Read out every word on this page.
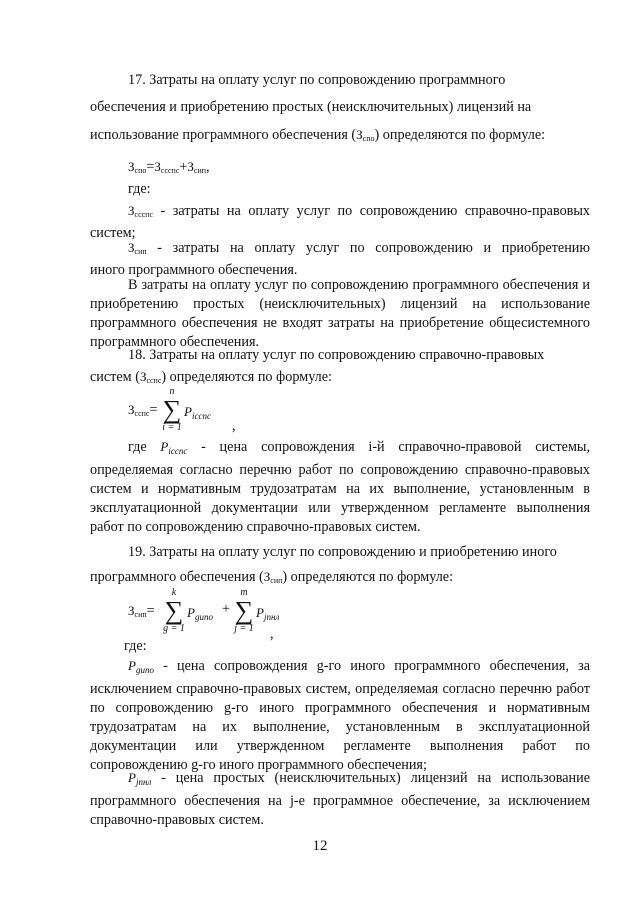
17. Затраты на оплату услуг по сопровождению программного
обеспечения и приобретению простых (неисключительных) лицензий на
использование программного обеспечения $(З_{спо})$ определяются по формуле:
$З_{спо}=З_{ссспс}+З_{сип}$,
где:

$З_{ссспс}$ - затраты на оплату услуг по сопровождению справочно-правовых

систем;

$З_{сип}$ - затраты на оплату услуг по сопровождению и приобретению

иного программного обеспечения.

В затраты на оплату услуг по сопровождению программного обеспечения и приобретению простых (неисключительных) лицензий на использование программного обеспечения не входят затраты на приобретение общесистемного программного обеспечения.
18. Затраты на оплату услуг по сопровождению справочно-правовых
систем $(З_{сспс})$ определяются по формуле:
$З_{сспс}=$
n
∑
i = 1
$P_{iсспс}$
,

где $P_{iсспс}$ - цена сопровождения i-й справочно-правовой системы, определяемая согласно перечню работ по сопровождению справочно-правовых систем и нормативным трудозатратам на их выполнение, установленным в эксплуатационной документации или утвержденном регламенте выполнения работ по сопровождению справочно-правовых систем.

19. Затраты на оплату услуг по сопровождению и приобретению иного
программного обеспечения $(З_{сип})$ определяются по формуле:
$З_{сип}=$
k
∑
g = 1
$P_{gипо}$ +
m
∑
j = 1
$P_{jпнл}$
,
где:

$P_{gипо}$ - цена сопровождения g-го иного программного обеспечения, за исключением справочно-правовых систем, определяемая согласно перечню работ по сопровождению g-го иного программного обеспечения и нормативным трудозатратам на их выполнение, установленным в эксплуатационной документации или утвержденном регламенте выполнения работ по сопровождению g-го иного программного обеспечения;

$P_{jпнл}$ - цена простых (неисключительных) лицензий на использование программного обеспечения на j-е программное обеспечение, за исключением справочно-правовых систем.

12
